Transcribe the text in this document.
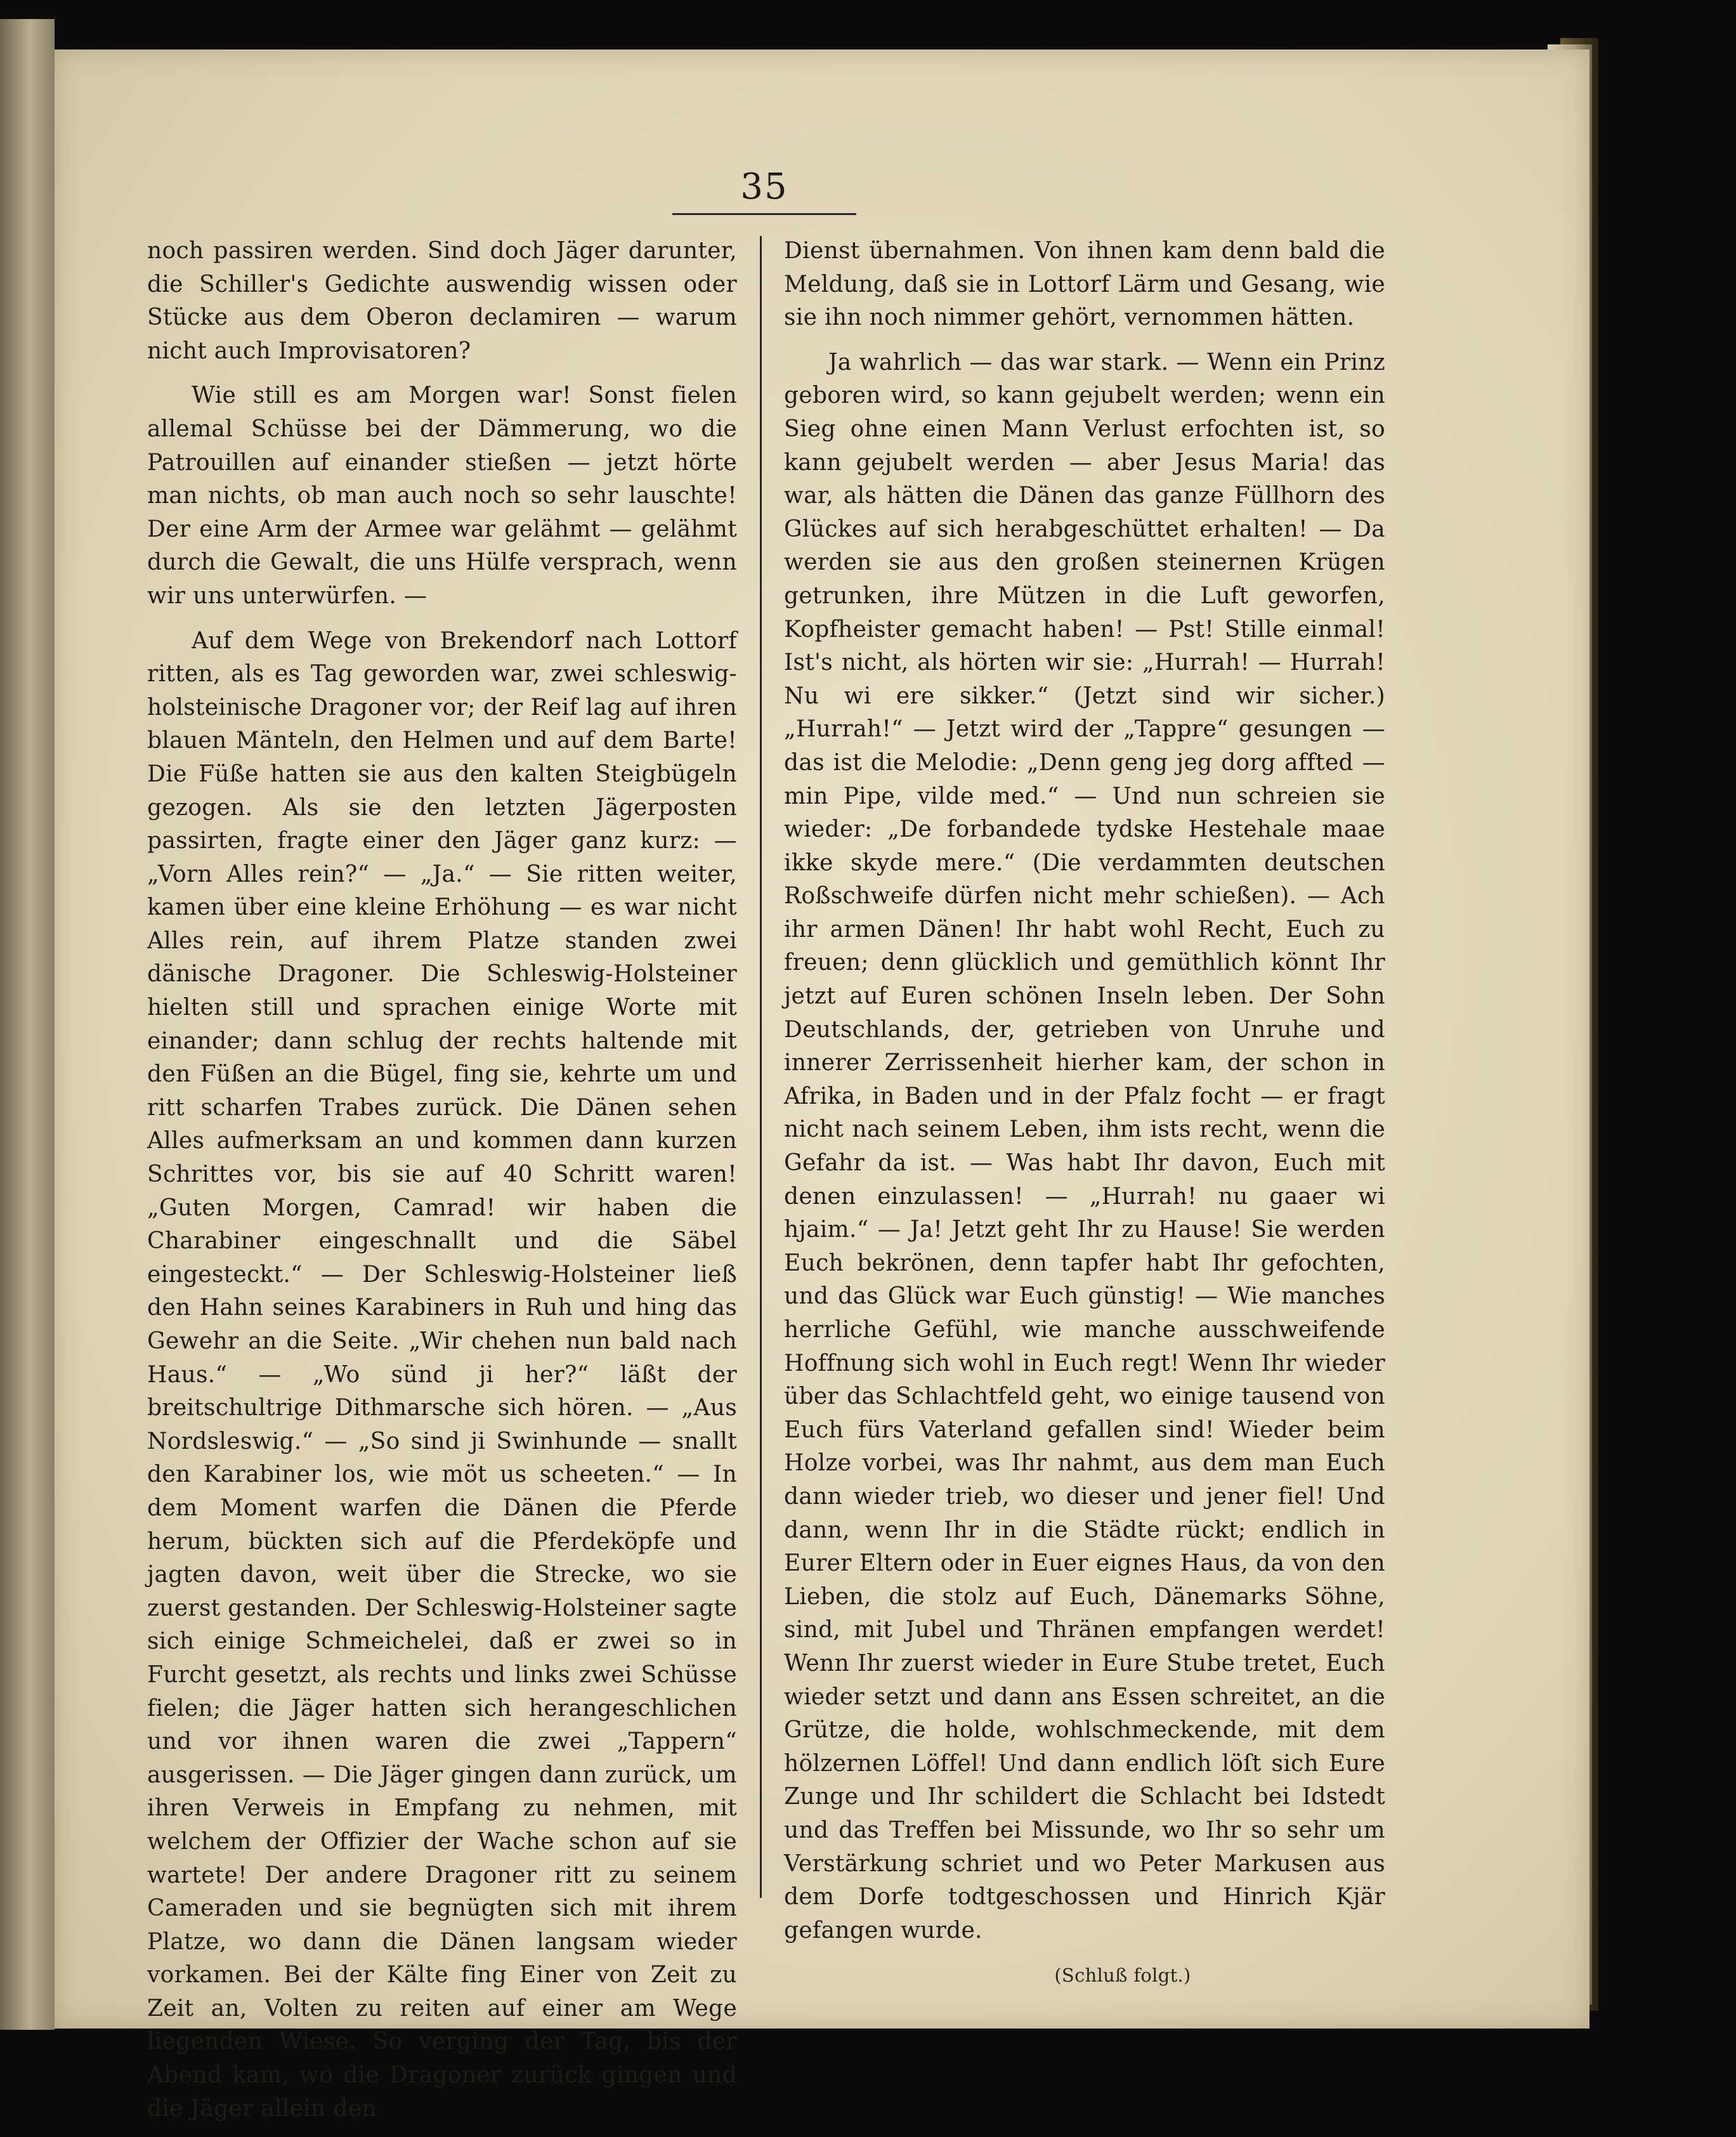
35

noch passiren werden. Sind doch Jäger darunter, die Schiller's Gedichte auswendig wissen oder Stücke aus dem Oberon declamiren — warum nicht auch Improvisatoren?

Wie still es am Morgen war! Sonst fielen allemal Schüsse bei der Dämmerung, wo die Patrouillen auf einander stießen — jetzt hörte man nichts, ob man auch noch so sehr lauschte! Der eine Arm der Armee war gelähmt — gelähmt durch die Gewalt, die uns Hülfe versprach, wenn wir uns unterwürfen. —

Auf dem Wege von Brekendorf nach Lottorf ritten, als es Tag geworden war, zwei schleswig-holsteinische Dragoner vor; der Reif lag auf ihren blauen Mänteln, den Helmen und auf dem Barte! Die Füße hatten sie aus den kalten Steigbügeln gezogen. Als sie den letzten Jägerposten passirten, fragte einer den Jäger ganz kurz: — „Vorn Alles rein?“ — „Ja.“ — Sie ritten weiter, kamen über eine kleine Erhöhung — es war nicht Alles rein, auf ihrem Platze standen zwei dänische Dragoner. Die Schleswig-Holsteiner hielten still und sprachen einige Worte mit einander; dann schlug der rechts haltende mit den Füßen an die Bügel, fing sie, kehrte um und ritt scharfen Trabes zurück. Die Dänen sehen Alles aufmerksam an und kommen dann kurzen Schrittes vor, bis sie auf 40 Schritt waren! „Guten Morgen, Camrad! wir haben die Charabiner eingeschnallt und die Säbel eingesteckt.“ — Der Schleswig-Holsteiner ließ den Hahn seines Karabiners in Ruh und hing das Gewehr an die Seite. „Wir chehen nun bald nach Haus.“ — „Wo sünd ji her?“ läßt der breitschultrige Dithmarsche sich hören. — „Aus Nordsleswig.“ — „So sind ji Swinhunde — snallt den Karabiner los, wie möt us scheeten.“ — In dem Moment warfen die Dänen die Pferde herum, bückten sich auf die Pferdeköpfe und jagten davon, weit über die Strecke, wo sie zuerst gestanden. Der Schleswig-Holsteiner sagte sich einige Schmeichelei, daß er zwei so in Furcht gesetzt, als rechts und links zwei Schüsse fielen; die Jäger hatten sich herangeschlichen und vor ihnen waren die zwei „Tappern“ ausgerissen. — Die Jäger gingen dann zurück, um ihren Verweis in Empfang zu nehmen, mit welchem der Offizier der Wache schon auf sie wartete! Der andere Dragoner ritt zu seinem Cameraden und sie begnügten sich mit ihrem Platze, wo dann die Dänen langsam wieder vorkamen. Bei der Kälte fing Einer von Zeit zu Zeit an, Volten zu reiten auf einer am Wege liegenden Wiese. So verging der Tag, bis der Abend kam, wo die Dragoner zurück gingen und die Jäger allein den

Dienst übernahmen. Von ihnen kam denn bald die Meldung, daß sie in Lottorf Lärm und Gesang, wie sie ihn noch nimmer gehört, vernommen hätten.

Ja wahrlich — das war stark. — Wenn ein Prinz geboren wird, so kann gejubelt werden; wenn ein Sieg ohne einen Mann Verlust erfochten ist, so kann gejubelt werden — aber Jesus Maria! das war, als hätten die Dänen das ganze Füllhorn des Glückes auf sich herabgeschüttet erhalten! — Da werden sie aus den großen steinernen Krügen getrunken, ihre Mützen in die Luft geworfen, Kopfheister gemacht haben! — Pst! Stille einmal! Ist's nicht, als hörten wir sie: „Hurrah! — Hurrah! Nu wi ere sikker.“ (Jetzt sind wir sicher.) „Hurrah!“ — Jetzt wird der „Tappre“ gesungen — das ist die Melodie: „Denn geng jeg dorg affted — min Pipe, vilde med.“ — Und nun schreien sie wieder: „De forbandede tydske Hestehale maae ikke skyde mere.“ (Die verdammten deutschen Roßschweife dürfen nicht mehr schießen). — Ach ihr armen Dänen! Ihr habt wohl Recht, Euch zu freuen; denn glücklich und gemüthlich könnt Ihr jetzt auf Euren schönen Inseln leben. Der Sohn Deutschlands, der, getrieben von Unruhe und innerer Zerrissenheit hierher kam, der schon in Afrika, in Baden und in der Pfalz focht — er fragt nicht nach seinem Leben, ihm ists recht, wenn die Gefahr da ist. — Was habt Ihr davon, Euch mit denen einzulassen! — „Hurrah! nu gaaer wi hjaim.“ — Ja! Jetzt geht Ihr zu Hause! Sie werden Euch bekrönen, denn tapfer habt Ihr gefochten, und das Glück war Euch günstig! — Wie manches herrliche Gefühl, wie manche ausschweifende Hoffnung sich wohl in Euch regt! Wenn Ihr wieder über das Schlachtfeld geht, wo einige tausend von Euch fürs Vaterland gefallen sind! Wieder beim Holze vorbei, was Ihr nahmt, aus dem man Euch dann wieder trieb, wo dieser und jener fiel! Und dann, wenn Ihr in die Städte rückt; endlich in Eurer Eltern oder in Euer eignes Haus, da von den Lieben, die stolz auf Euch, Dänemarks Söhne, sind, mit Jubel und Thränen empfangen werdet! Wenn Ihr zuerst wieder in Eure Stube tretet, Euch wieder setzt und dann ans Essen schreitet, an die Grütze, die holde, wohlschmeckende, mit dem hölzernen Löffel! Und dann endlich löſt sich Eure Zunge und Ihr schildert die Schlacht bei Idstedt und das Treffen bei Missunde, wo Ihr so sehr um Verstärkung schriet und wo Peter Markusen aus dem Dorfe todtgeschossen und Hinrich Kjär gefangen wurde.

(Schluß folgt.)
